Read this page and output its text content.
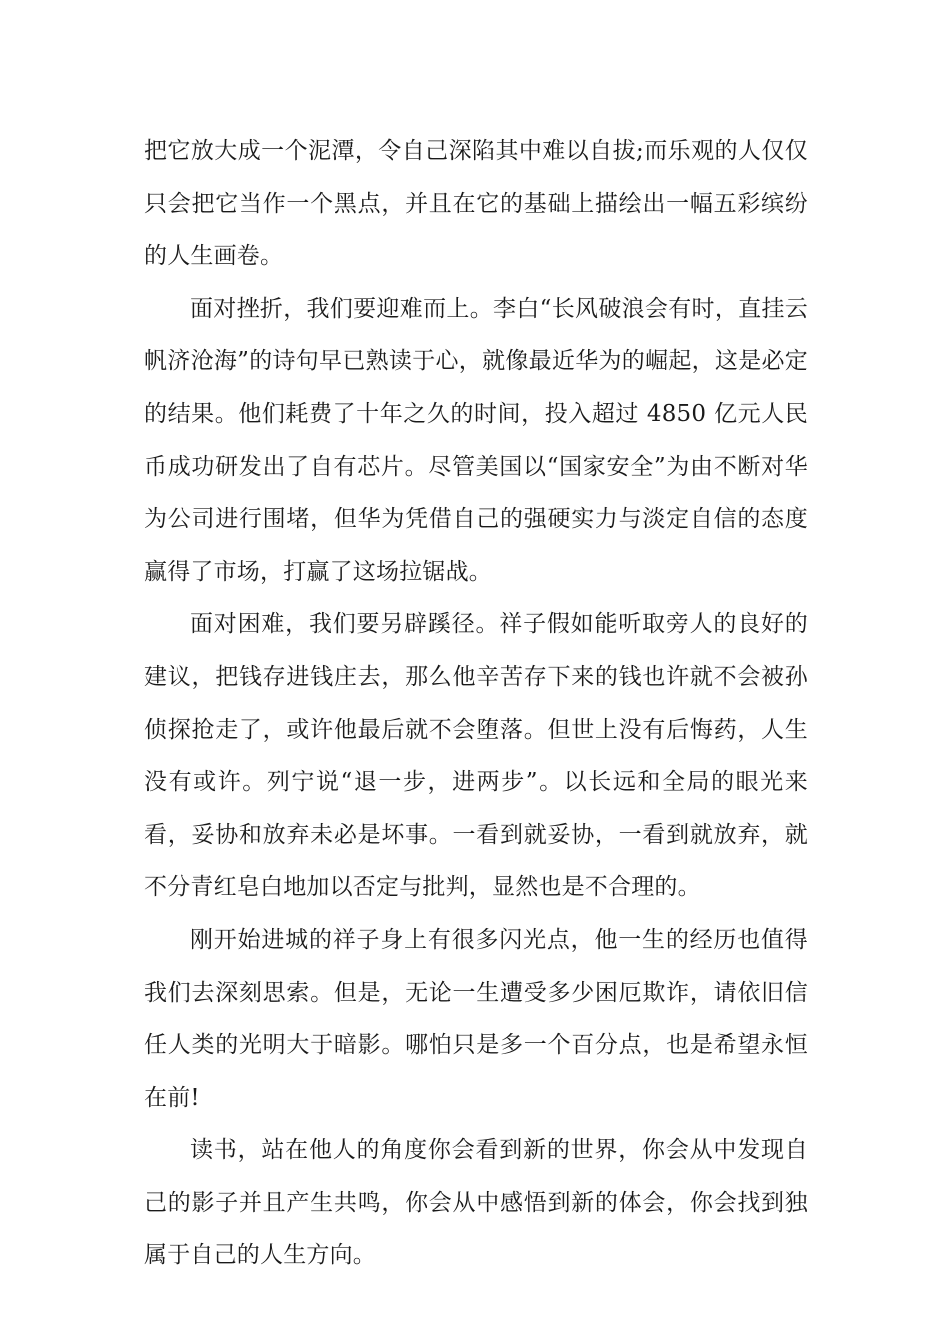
把它放大成一个泥潭，令自己深陷其中难以自拔;而乐观的人仅仅只会把它当作一个黑点，并且在它的基础上描绘出一幅五彩缤纷的人生画卷。

面对挫折，我们要迎难而上。李白“长风破浪会有时，直挂云帆济沧海”的诗句早已熟读于心，就像最近华为的崛起，这是必定的结果。他们耗费了十年之久的时间，投入超过 4850 亿元人民币成功研发出了自有芯片。尽管美国以“国家安全”为由不断对华为公司进行围堵，但华为凭借自己的强硬实力与淡定自信的态度赢得了市场，打赢了这场拉锯战。

面对困难，我们要另辟蹊径。祥子假如能听取旁人的良好的建议，把钱存进钱庄去，那么他辛苦存下来的钱也许就不会被孙侦探抢走了，或许他最后就不会堕落。但世上没有后悔药，人生没有或许。列宁说“退一步，进两步”。以长远和全局的眼光来看，妥协和放弃未必是坏事。一看到就妥协，一看到就放弃，就不分青红皂白地加以否定与批判，显然也是不合理的。

刚开始进城的祥子身上有很多闪光点，他一生的经历也值得我们去深刻思索。但是，无论一生遭受多少困厄欺诈，请依旧信任人类的光明大于暗影。哪怕只是多一个百分点，也是希望永恒在前!

读书，站在他人的角度你会看到新的世界，你会从中发现自己的影子并且产生共鸣，你会从中感悟到新的体会，你会找到独属于自己的人生方向。
